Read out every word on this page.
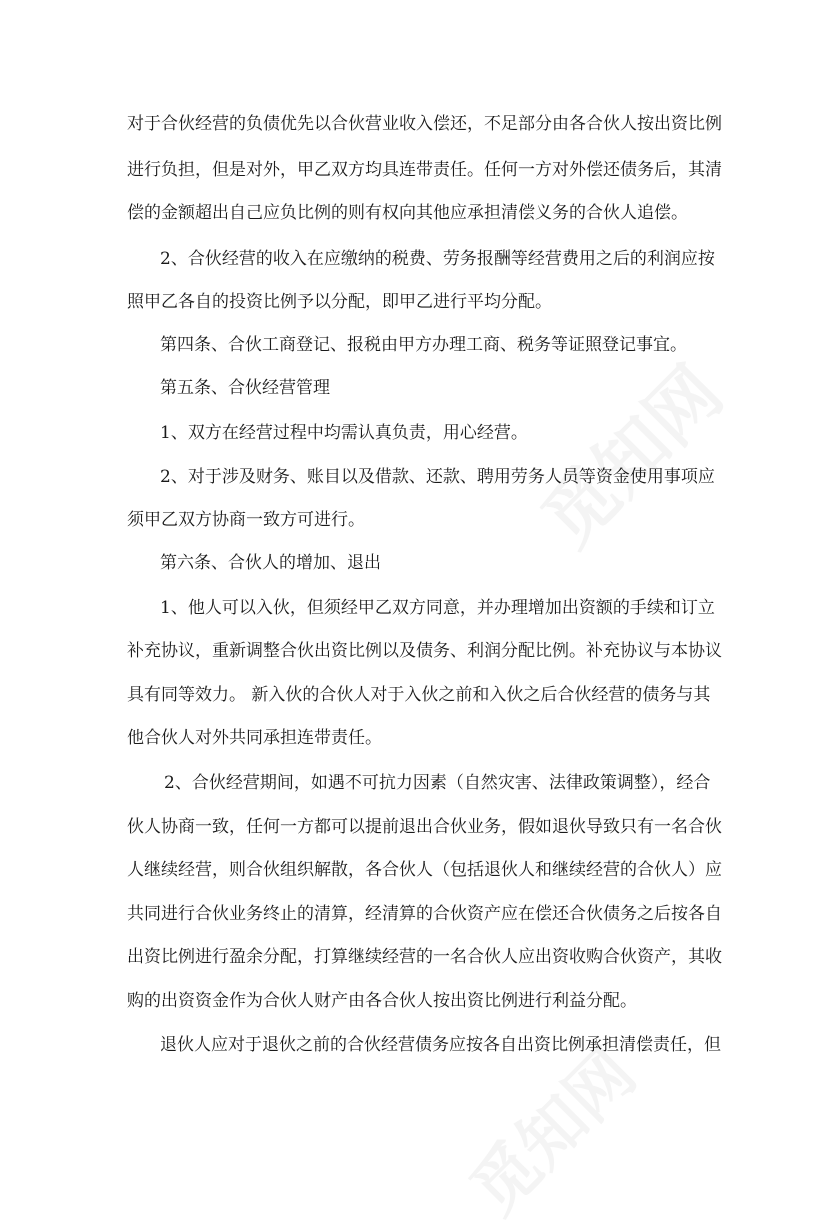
对于合伙经营的负债优先以合伙营业收入偿还，不足部分由各合伙人按出资比例
进行负担，但是对外，甲乙双方均具连带责任。任何一方对外偿还债务后，其清
偿的金额超出自己应负比例的则有权向其他应承担清偿义务的合伙人追偿。
2、合伙经营的收入在应缴纳的税费、劳务报酬等经营费用之后的利润应按
照甲乙各自的投资比例予以分配，即甲乙进行平均分配。
第四条、合伙工商登记、报税由甲方办理工商、税务等证照登记事宜。
第五条、合伙经营管理
1、双方在经营过程中均需认真负责，用心经营。
2、对于涉及财务、账目以及借款、还款、聘用劳务人员等资金使用事项应
须甲乙双方协商一致方可进行。
第六条、合伙人的增加、退出
1、他人可以入伙，但须经甲乙双方同意，并办理增加出资额的手续和订立
补充协议，重新调整合伙出资比例以及债务、利润分配比例。补充协议与本协议
具有同等效力。 新入伙的合伙人对于入伙之前和入伙之后合伙经营的债务与其
他合伙人对外共同承担连带责任。
2、合伙经营期间，如遇不可抗力因素（自然灾害、法律政策调整），经合
伙人协商一致，任何一方都可以提前退出合伙业务，假如退伙导致只有一名合伙
人继续经营，则合伙组织解散，各合伙人（包括退伙人和继续经营的合伙人）应
共同进行合伙业务终止的清算，经清算的合伙资产应在偿还合伙债务之后按各自
出资比例进行盈余分配，打算继续经营的一名合伙人应出资收购合伙资产，其收
购的出资资金作为合伙人财产由各合伙人按出资比例进行利益分配。
退伙人应对于退伙之前的合伙经营债务应按各自出资比例承担清偿责任，但
